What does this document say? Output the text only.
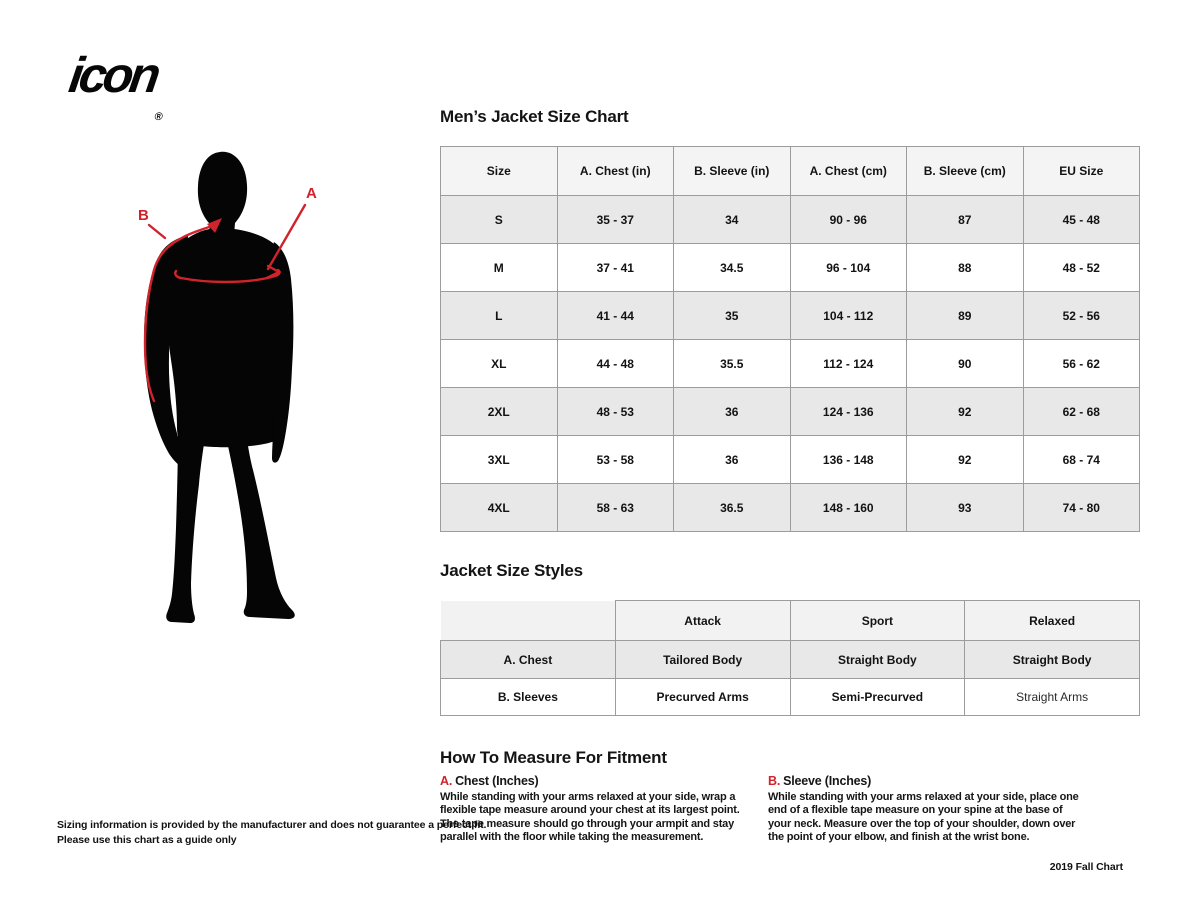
icon$_®$
A
B
Men’s Jacket Size Chart
Size	A. Chest (in)	B. Sleeve (in)	A. Chest (cm)	B. Sleeve (cm)	EU Size
S	35 - 37	34	90 - 96	87	45 - 48
M	37 - 41	34.5	96 - 104	88	48 - 52
L	41 - 44	35	104 - 112	89	52 - 56
XL	44 - 48	35.5	112 - 124	90	56 - 62
2XL	48 - 53	36	124 - 136	92	62 - 68
3XL	53 - 58	36	136 - 148	92	68 - 74
4XL	58 - 63	36.5	148 - 160	93	74 - 80
Jacket Size Styles
	Attack	Sport	Relaxed
A. Chest	Tailored Body	Straight Body	Straight Body
B. Sleeves	Precurved Arms	Semi-Precurved	Straight Arms
How To Measure For Fitment
A. Chest (Inches)
While standing with your arms relaxed at your side, wrap a
flexible tape measure around your chest at its largest point.
The tape measure should go through your armpit and stay
parallel with the floor while taking the measurement.
B. Sleeve (Inches)
While standing with your arms relaxed at your side, place one
end of a flexible tape measure on your spine at the base of
your neck. Measure over the top of your shoulder, down over
the point of your elbow, and finish at the wrist bone.
Sizing information is provided by the manufacturer and does not guarantee a perfect fit.
Please use this chart as a guide only
2019 Fall Chart
